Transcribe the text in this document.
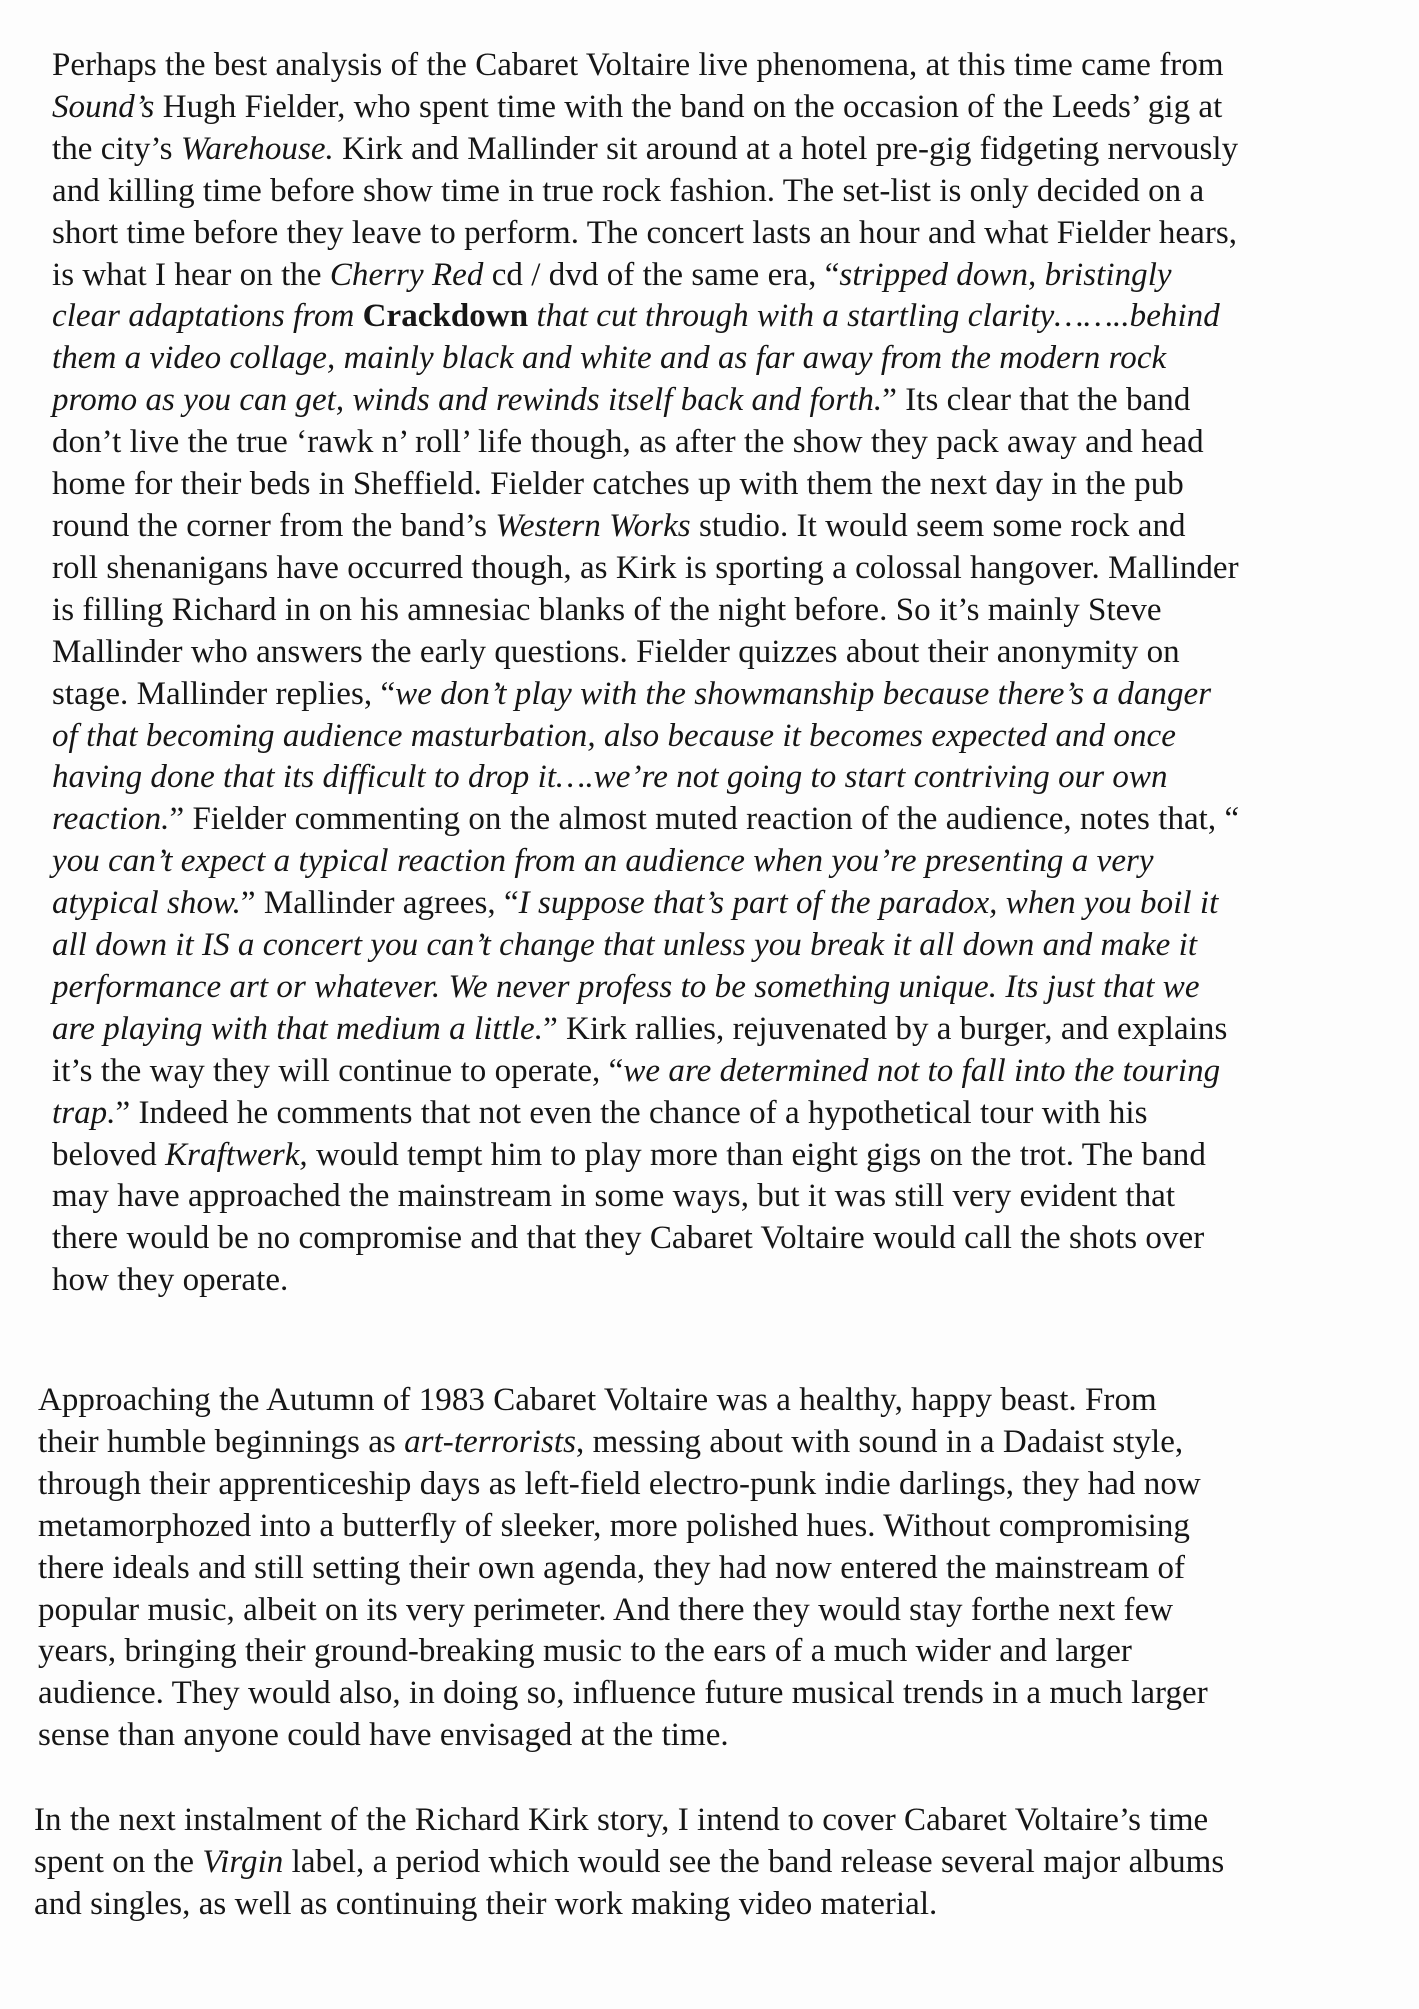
Perhaps the best analysis of the Cabaret Voltaire live phenomena, at this time came from
Sound’s Hugh Fielder, who spent time with the band on the occasion of the Leeds’ gig at
the city’s Warehouse. Kirk and Mallinder sit around at a hotel pre-gig fidgeting nervously
and killing time before show time in true rock fashion. The set-list is only decided on a
short time before they leave to perform. The concert lasts an hour and what Fielder hears,
is what I hear on the Cherry Red cd / dvd of the same era, “stripped down, bristingly
clear adaptations from Crackdown that cut through with a startling clarity……..behind
them a video collage, mainly black and white and as far away from the modern rock
promo as you can get, winds and rewinds itself back and forth.” Its clear that the band
don’t live the true ‘rawk n’ roll’ life though, as after the show they pack away and head
home for their beds in Sheffield. Fielder catches up with them the next day in the pub
round the corner from the band’s Western Works studio. It would seem some rock and
roll shenanigans have occurred though, as Kirk is sporting a colossal hangover. Mallinder
is filling Richard in on his amnesiac blanks of the night before. So it’s mainly Steve
Mallinder who answers the early questions. Fielder quizzes about their anonymity on
stage. Mallinder replies, “we don’t play with the showmanship because there’s a danger
of that becoming audience masturbation, also because it becomes expected and once
having done that its difficult to drop it….we’re not going to start contriving our own
reaction.” Fielder commenting on the almost muted reaction of the audience, notes that, “
you can’t expect a typical reaction from an audience when you’re presenting a very
atypical show.” Mallinder agrees, “I suppose that’s part of the paradox, when you boil it
all down it IS a concert you can’t change that unless you break it all down and make it
performance art or whatever. We never profess to be something unique. Its just that we
are playing with that medium a little.” Kirk rallies, rejuvenated by a burger, and explains
it’s the way they will continue to operate, “we are determined not to fall into the touring
trap.” Indeed he comments that not even the chance of a hypothetical tour with his
beloved Kraftwerk, would tempt him to play more than eight gigs on the trot. The band
may have approached the mainstream in some ways, but it was still very evident that
there would be no compromise and that they Cabaret Voltaire would call the shots over
how they operate.
Approaching the Autumn of 1983 Cabaret Voltaire was a healthy, happy beast. From
their humble beginnings as art-terrorists, messing about with sound in a Dadaist style,
through their apprenticeship days as left-field electro-punk indie darlings, they had now
metamorphozed into a butterfly of sleeker, more polished hues. Without compromising
there ideals and still setting their own agenda, they had now entered the mainstream of
popular music, albeit on its very perimeter. And there they would stay forthe next few
years, bringing their ground-breaking music to the ears of a much wider and larger
audience. They would also, in doing so, influence future musical trends in a much larger
sense than anyone could have envisaged at the time.
In the next instalment of the Richard Kirk story, I intend to cover Cabaret Voltaire’s time
spent on the Virgin label, a period which would see the band release several major albums
and singles, as well as continuing their work making video material.
